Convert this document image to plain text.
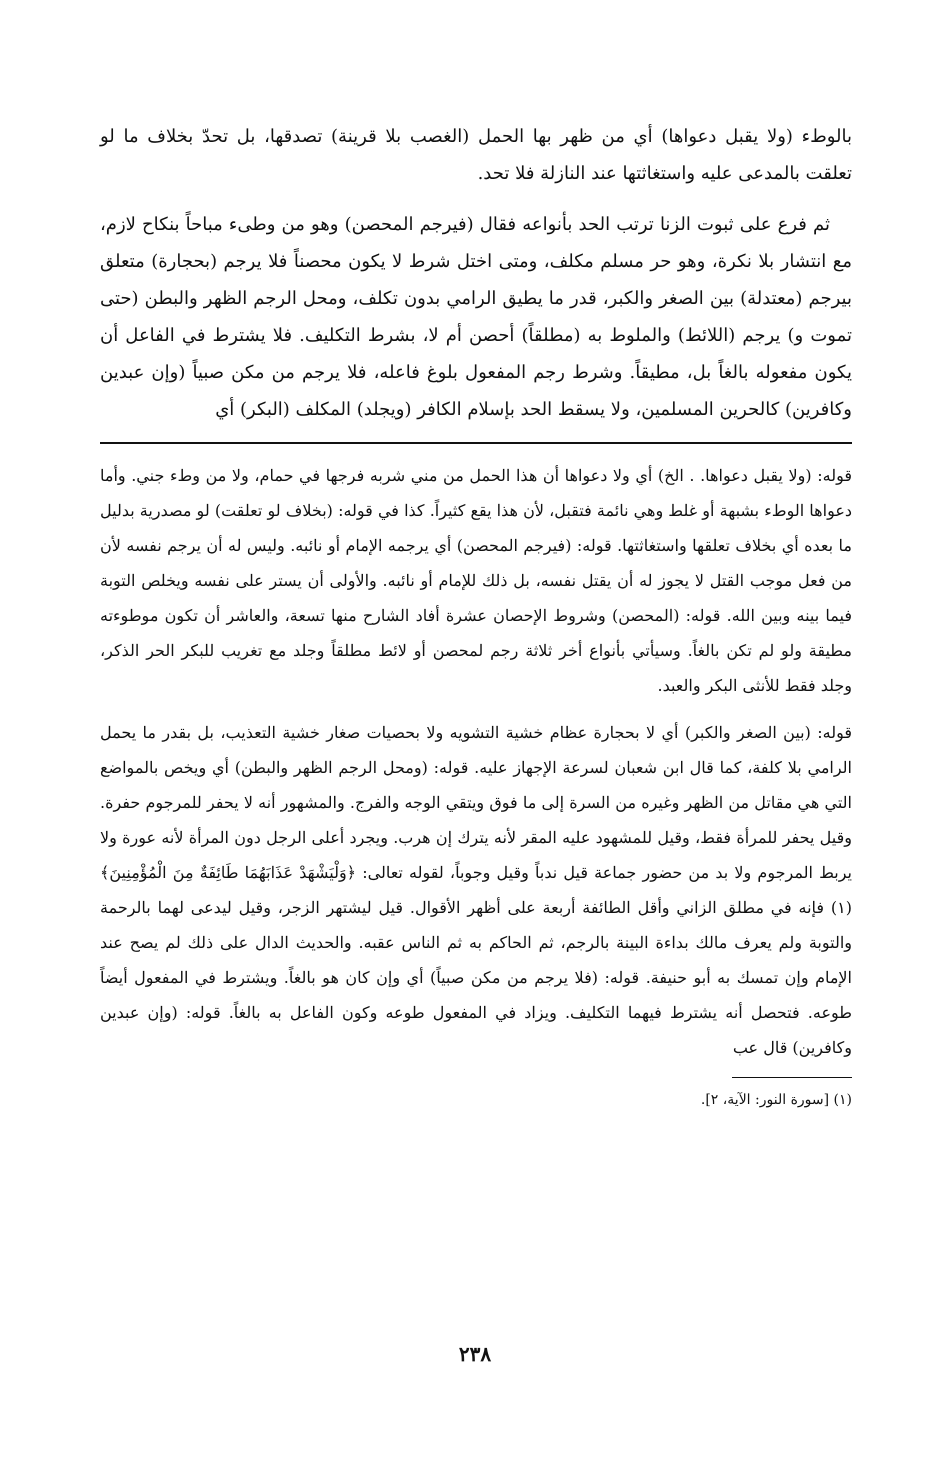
بالوطء (ولا يقبل دعواها) أي من ظهر بها الحمل (الغصب بلا قرينة) تصدقها، بل تحدّ بخلاف ما لو تعلقت بالمدعى عليه واستغاثتها عند النازلة فلا تحد.

ثم فرع على ثبوت الزنا ترتب الحد بأنواعه فقال (فيرجم المحصن) وهو من وطىء مباحاً بنكاح لازم، مع انتشار بلا نكرة، وهو حر مسلم مكلف، ومتى اختل شرط لا يكون محصناً فلا يرجم (بحجارة) متعلق بيرجم (معتدلة) بين الصغر والكبر، قدر ما يطيق الرامي بدون تكلف، ومحل الرجم الظهر والبطن (حتى تموت و) يرجم (اللائط) والملوط به (مطلقاً) أحصن أم لا، بشرط التكليف. فلا يشترط في الفاعل أن يكون مفعوله بالغاً بل، مطيقاً. وشرط رجم المفعول بلوغ فاعله، فلا يرجم من مكن صبياً (وإن عبدين وكافرين) كالحرين المسلمين، ولا يسقط الحد بإسلام الكافر (ويجلد) المكلف (البكر) أي

قوله: (ولا يقبل دعواها. . الخ) أي ولا دعواها أن هذا الحمل من مني شربه فرجها في حمام، ولا من وطء جني. وأما دعواها الوطء بشبهة أو غلط وهي نائمة فتقبل، لأن هذا يقع كثيراً. كذا في قوله: (بخلاف لو تعلقت) لو مصدرية بدليل ما بعده أي بخلاف تعلقها واستغاثتها. قوله: (فيرجم المحصن) أي يرجمه الإمام أو نائبه. وليس له أن يرجم نفسه لأن من فعل موجب القتل لا يجوز له أن يقتل نفسه، بل ذلك للإمام أو نائبه. والأولى أن يستر على نفسه ويخلص التوبة فيما بينه وبين الله. قوله: (المحصن) وشروط الإحصان عشرة أفاد الشارح منها تسعة، والعاشر أن تكون موطوءته مطيقة ولو لم تكن بالغاً. وسيأتي بأنواع أخر ثلاثة رجم لمحصن أو لائط مطلقاً وجلد مع تغريب للبكر الحر الذكر، وجلد فقط للأنثى البكر والعبد.

قوله: (بين الصغر والكبر) أي لا بحجارة عظام خشية التشويه ولا بحصيات صغار خشية التعذيب، بل بقدر ما يحمل الرامي بلا كلفة، كما قال ابن شعبان لسرعة الإجهاز عليه. قوله: (ومحل الرجم الظهر والبطن) أي ويخص بالمواضع التي هي مقاتل من الظهر وغيره من السرة إلى ما فوق ويتقي الوجه والفرج. والمشهور أنه لا يحفر للمرجوم حفرة. وقيل يحفر للمرأة فقط، وقيل للمشهود عليه المقر لأنه يترك إن هرب. ويجرد أعلى الرجل دون المرأة لأنه عورة ولا يربط المرجوم ولا بد من حضور جماعة قيل ندباً وقيل وجوباً، لقوله تعالى: ﴿وَلْيَشْهَدْ عَذَابَهُمَا طَائِفَةٌ مِنَ الْمُؤْمِنِينَ﴾(١) فإنه في مطلق الزاني وأقل الطائفة أربعة على أظهر الأقوال. قيل ليشتهر الزجر، وقيل ليدعى لهما بالرحمة والتوبة ولم يعرف مالك بداءة البينة بالرجم، ثم الحاكم به ثم الناس عقبه. والحديث الدال على ذلك لم يصح عند الإمام وإن تمسك به أبو حنيفة. قوله: (فلا يرجم من مكن صبياً) أي وإن كان هو بالغاً. ويشترط في المفعول أيضاً طوعه. فتحصل أنه يشترط فيهما التكليف. ويزاد في المفعول طوعه وكون الفاعل به بالغاً. قوله: (وإن عبدين وكافرين) قال عب

(١) [سورة النور: الآية، ٢].
٢٣٨
